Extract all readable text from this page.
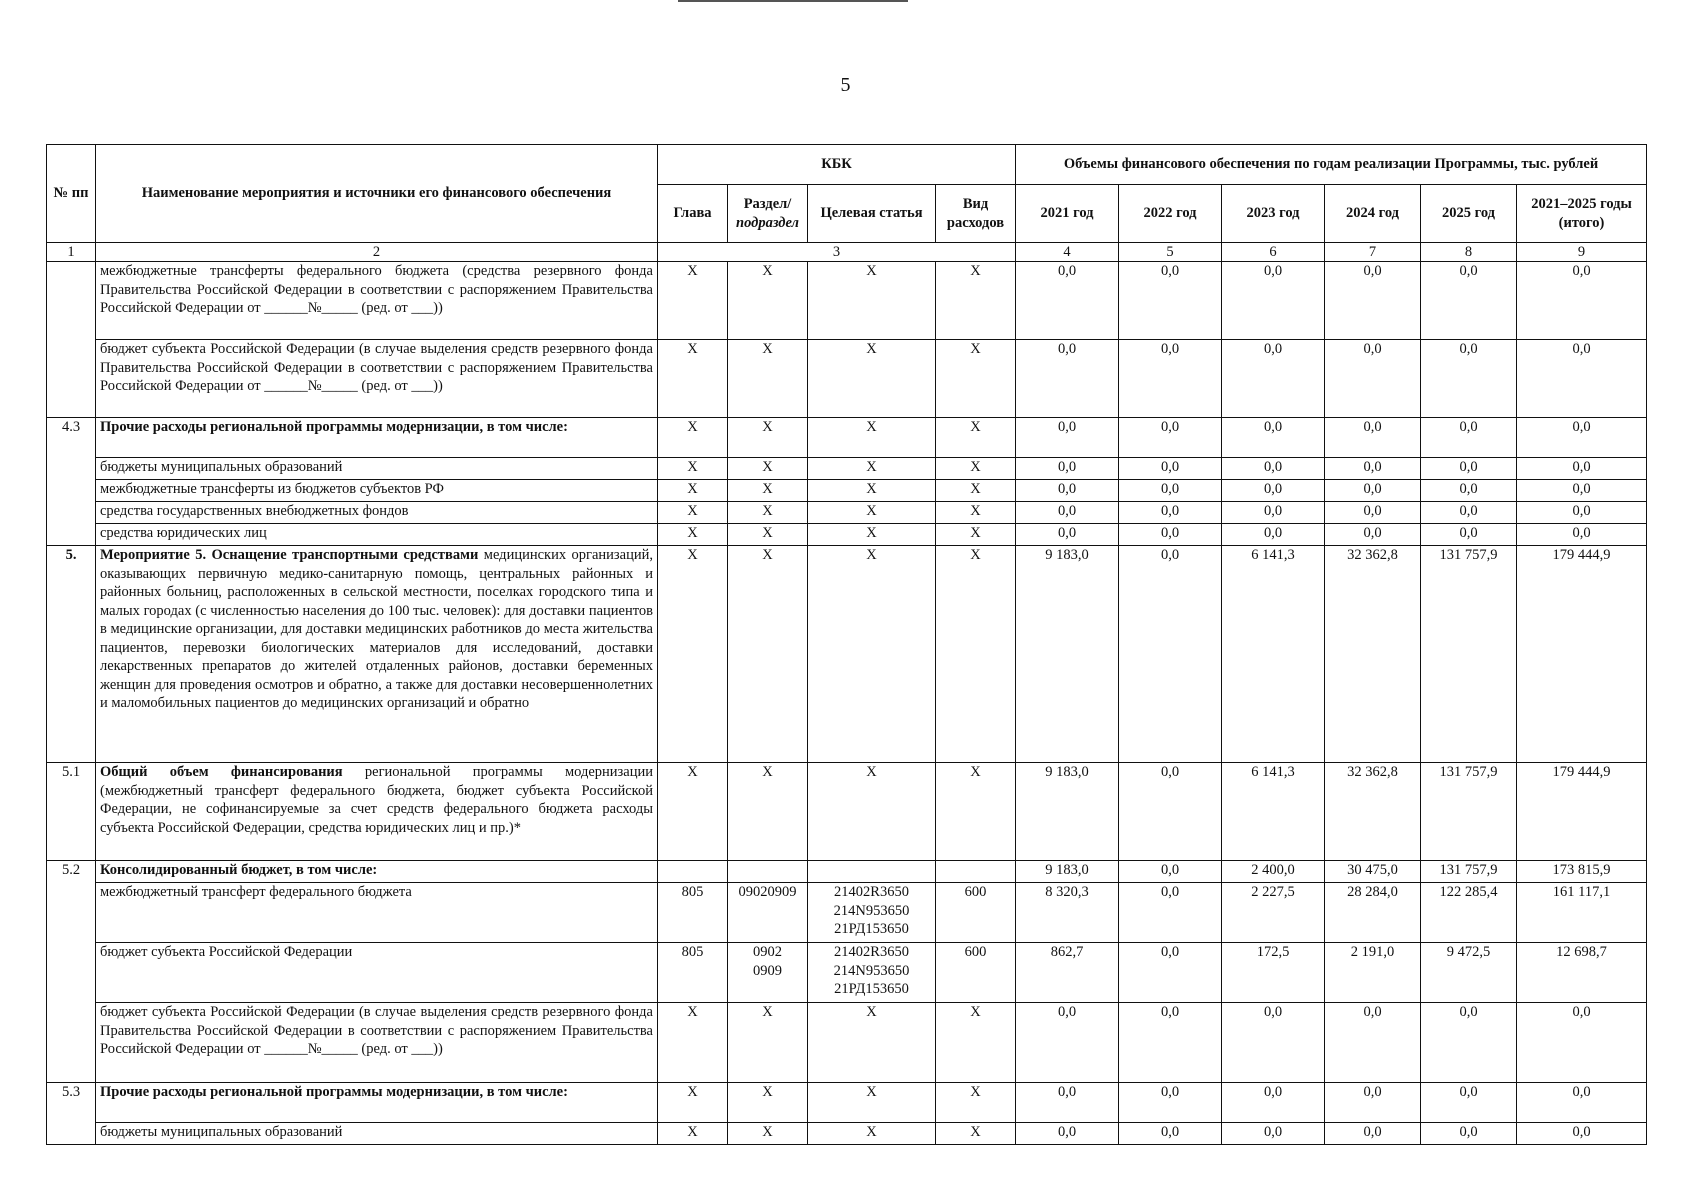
5
№ пп	Наименование мероприятия и источники его финансового обеспечения	КБК				Объемы финансового обеспечения по годам реализации Программы, тыс. рублей					
		Глава	Раздел/
подраздел	Целевая статья	Вид расходов	2021 год	2022 год	2023 год	2024 год	2025 год	2021–2025 годы (итого)
1	2	3				4	5	6	7	8	9
	межбюджетные трансферты федерального бюджета (средства резервного фонда Правительства Российской Федерации в соответствии с распоряжением Правительства Российской Федерации от ______№_____ (ред. от ___))	X	X	X	X	0,0	0,0	0,0	0,0	0,0	0,0
	бюджет субъекта Российской Федерации (в случае выделения средств резервного фонда Правительства Российской Федерации в соответствии с распоряжением Правительства Российской Федерации от ______№_____ (ред. от ___))	X	X	X	X	0,0	0,0	0,0	0,0	0,0	0,0
4.3	Прочие расходы региональной программы модернизации, в том числе:	X	X	X	X	0,0	0,0	0,0	0,0	0,0	0,0
	бюджеты муниципальных образований	X	X	X	X	0,0	0,0	0,0	0,0	0,0	0,0
	межбюджетные трансферты из бюджетов субъектов РФ	X	X	X	X	0,0	0,0	0,0	0,0	0,0	0,0
	средства государственных внебюджетных фондов	X	X	X	X	0,0	0,0	0,0	0,0	0,0	0,0
	средства юридических лиц	X	X	X	X	0,0	0,0	0,0	0,0	0,0	0,0
5.	Мероприятие 5. Оснащение транспортными средствами медицинских организаций, оказывающих первичную медико-санитарную помощь, центральных районных и районных больниц, расположенных в сельской местности, поселках городского типа и малых городах (с численностью населения до 100 тыс. человек): для доставки пациентов в медицинские организации, для доставки медицинских работников до места жительства пациентов, перевозки биологических материалов для исследований, доставки лекарственных препаратов до жителей отдаленных районов, доставки беременных женщин для проведения осмотров и обратно, а также для доставки несовершеннолетних и маломобильных пациентов до медицинских организаций и обратно	X	X	X	X	9 183,0	0,0	6 141,3	32 362,8	131 757,9	179 444,9
5.1	Общий объем финансирования региональной программы модернизации (межбюджетный трансферт федерального бюджета, бюджет субъекта Российской Федерации, не софинансируемые за счет средств федерального бюджета расходы субъекта Российской Федерации, средства юридических лиц и пр.)*	X	X	X	X	9 183,0	0,0	6 141,3	32 362,8	131 757,9	179 444,9
5.2	Консолидированный бюджет, в том числе:					9 183,0	0,0	2 400,0	30 475,0	131 757,9	173 815,9
	межбюджетный трансферт федерального бюджета	805	09020909	21402R3650
214N953650
21РД153650	600	8 320,3	0,0	2 227,5	28 284,0	122 285,4	161 117,1
	бюджет субъекта Российской Федерации	805	0902
0909	21402R3650
214N953650
21РД153650	600	862,7	0,0	172,5	2 191,0	9 472,5	12 698,7
	бюджет субъекта Российской Федерации (в случае выделения средств резервного фонда Правительства Российской Федерации в соответствии с распоряжением Правительства Российской Федерации от ______№_____ (ред. от ___))	X	X	X	X	0,0	0,0	0,0	0,0	0,0	0,0
5.3	Прочие расходы региональной программы модернизации, в том числе:	X	X	X	X	0,0	0,0	0,0	0,0	0,0	0,0
	бюджеты муниципальных образований	X	X	X	X	0,0	0,0	0,0	0,0	0,0	0,0
